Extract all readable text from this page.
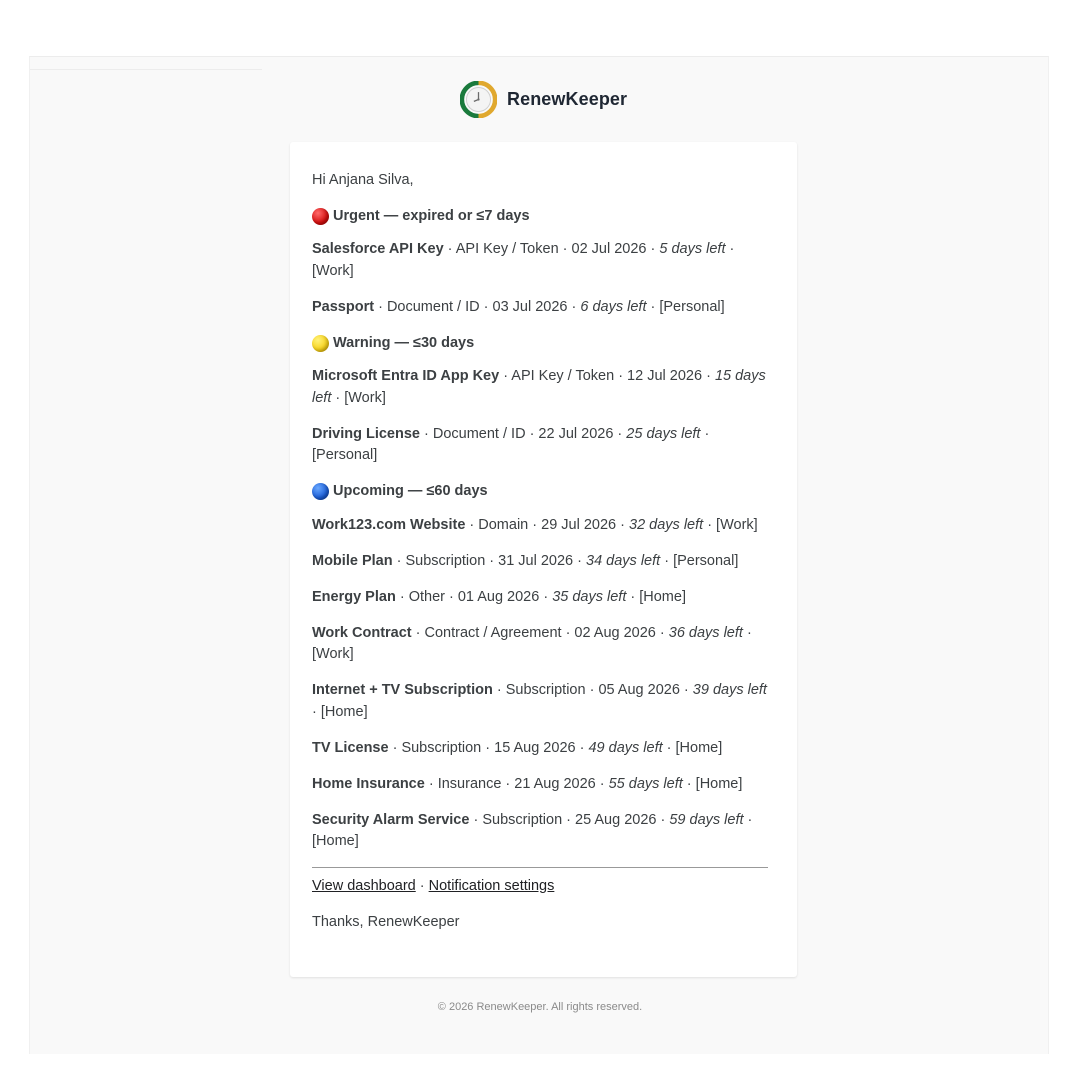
RenewKeeper

Hi Anjana Silva,

Urgent — expired or ≤7 days
Salesforce API Key · API Key / Token · 02 Jul 2026 · 5 days left · [Work]
Passport · Document / ID · 03 Jul 2026 · 6 days left · [Personal]
Warning — ≤30 days
Microsoft Entra ID App Key · API Key / Token · 12 Jul 2026 · 15 days left · [Work]
Driving License · Document / ID · 22 Jul 2026 · 25 days left · [Personal]
Upcoming — ≤60 days
Work123.com Website · Domain · 29 Jul 2026 · 32 days left · [Work]
Mobile Plan · Subscription · 31 Jul 2026 · 34 days left · [Personal]
Energy Plan · Other · 01 Aug 2026 · 35 days left · [Home]
Work Contract · Contract / Agreement · 02 Aug 2026 · 36 days left · [Work]
Internet + TV Subscription · Subscription · 05 Aug 2026 · 39 days left · [Home]
TV License · Subscription · 15 Aug 2026 · 49 days left · [Home]
Home Insurance · Insurance · 21 Aug 2026 · 55 days left · [Home]
Security Alarm Service · Subscription · 25 Aug 2026 · 59 days left · [Home]

View dashboard · Notification settings

Thanks, RenewKeeper

© 2026 RenewKeeper. All rights reserved.
